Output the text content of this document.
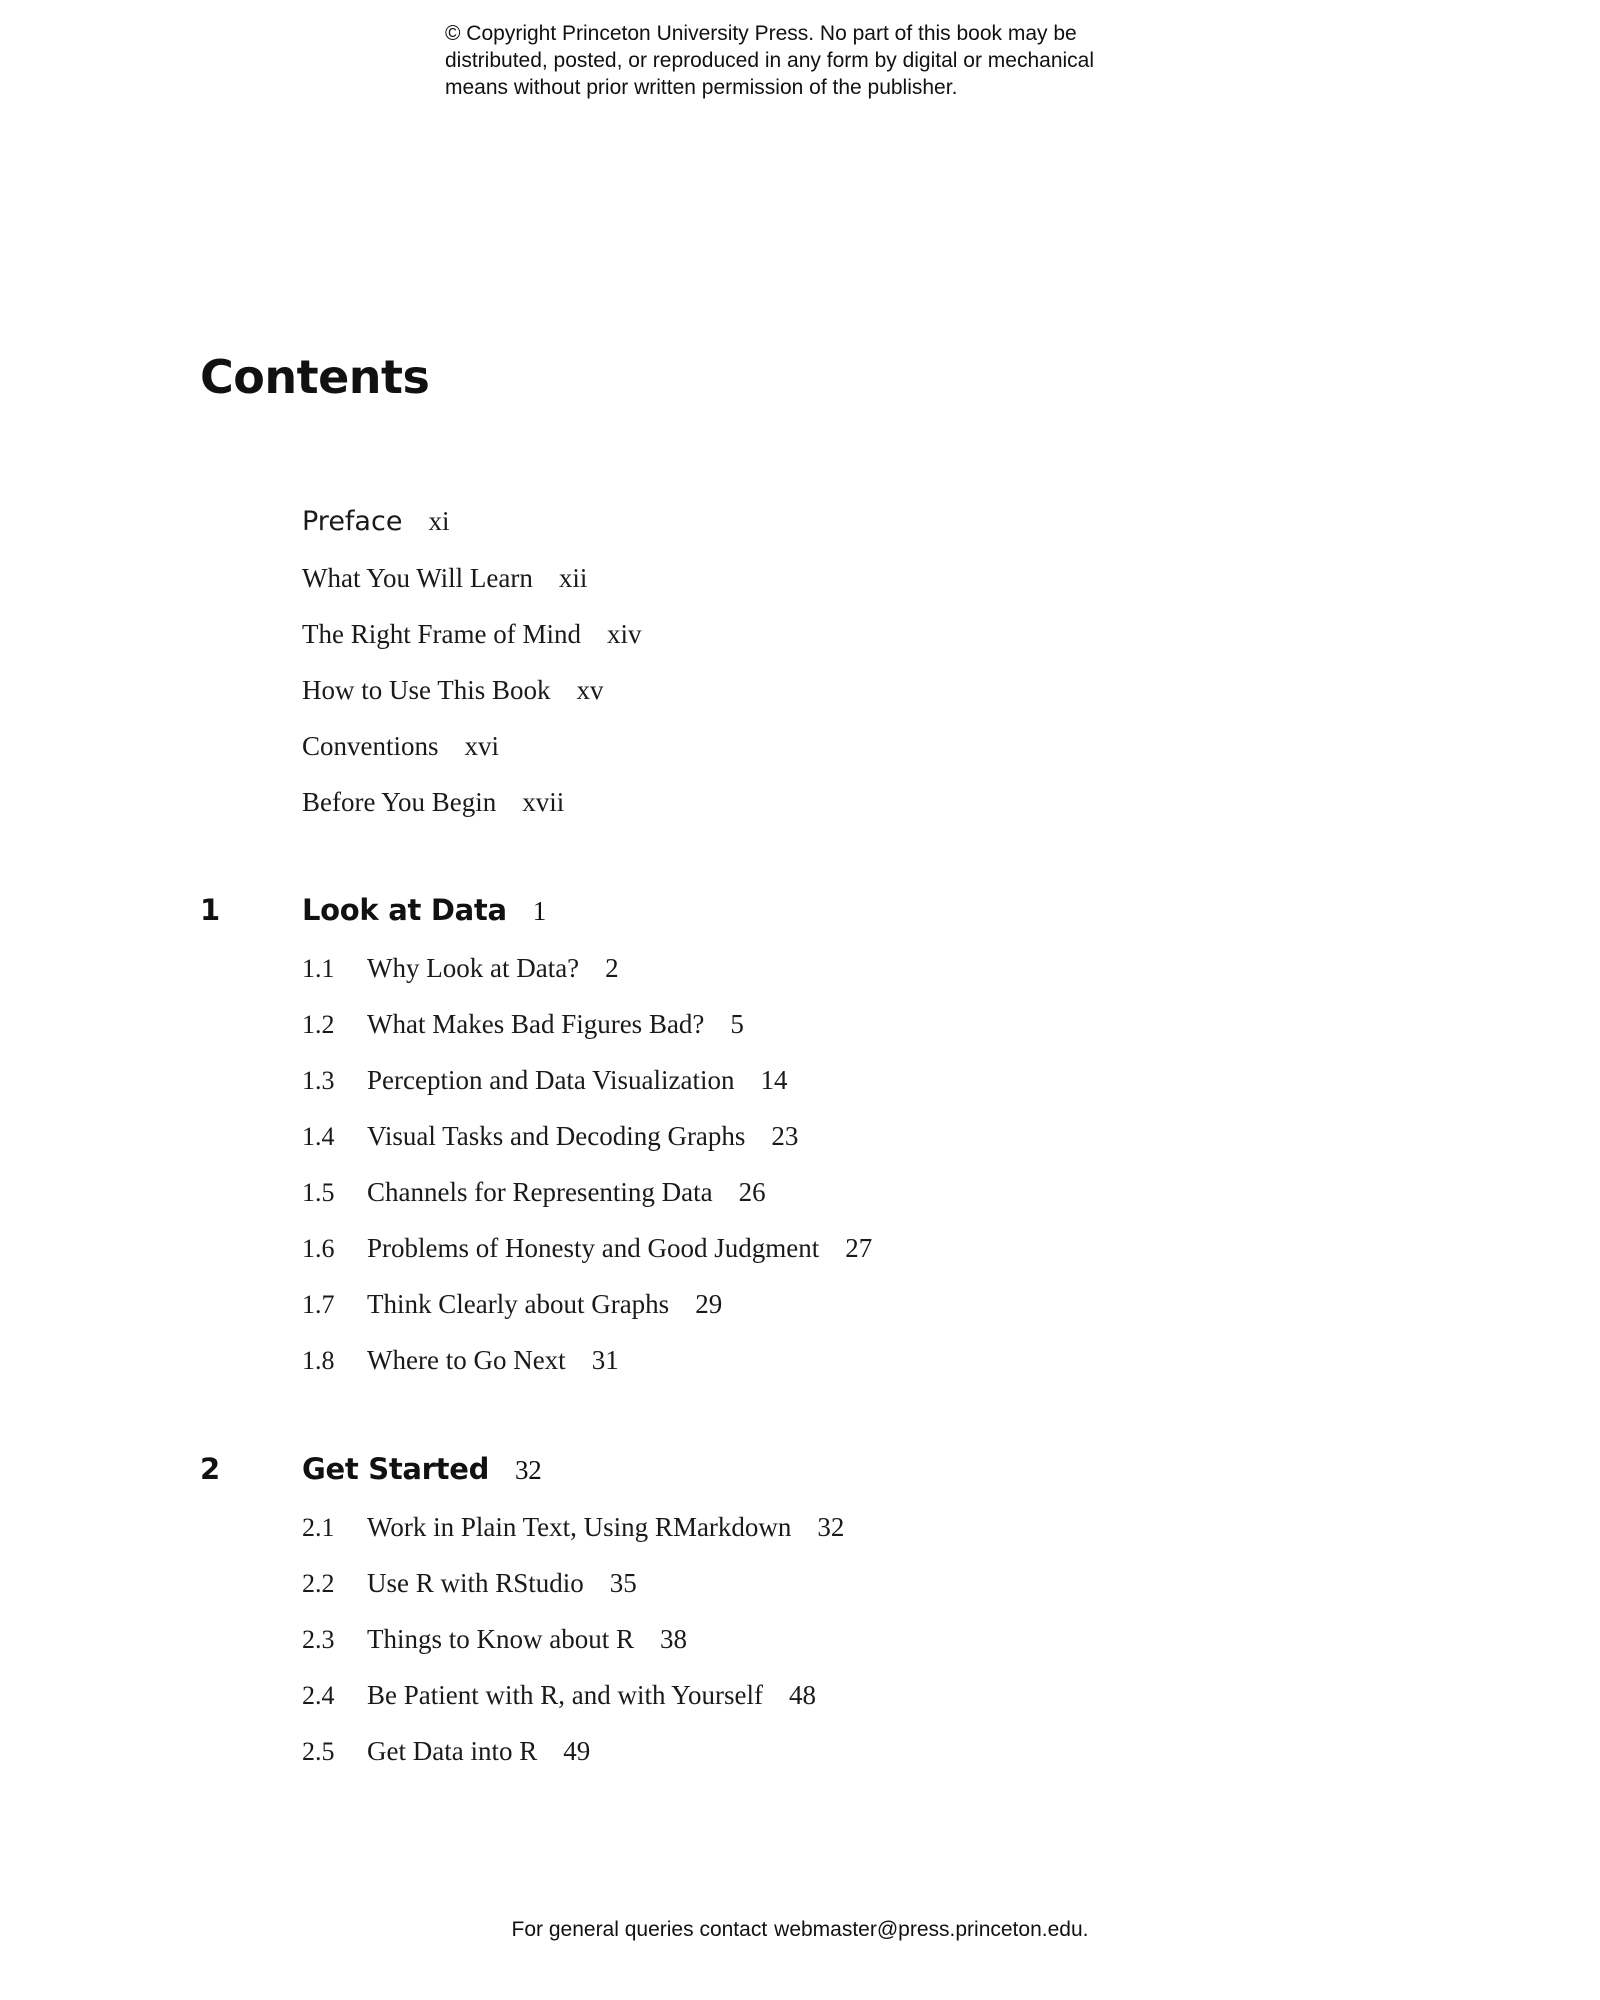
© Copyright Princeton University Press. No part of this book may be
distributed, posted, or reproduced in any form by digital or mechanical
means without prior written permission of the publisher.
Contents
Preface xi
What You Will Learn xii
The Right Frame of Mind xiv
How to Use This Book xv
Conventions xvi
Before You Begin xvii
1	Look at Data 1
1.1 Why Look at Data? 2
1.2 What Makes Bad Figures Bad? 5
1.3 Perception and Data Visualization 14
1.4 Visual Tasks and Decoding Graphs 23
1.5 Channels for Representing Data 26
1.6 Problems of Honesty and Good Judgment 27
1.7 Think Clearly about Graphs 29
1.8 Where to Go Next 31
2	Get Started 32
2.1 Work in Plain Text, Using RMarkdown 32
2.2 Use R with RStudio 35
2.3 Things to Know about R 38
2.4 Be Patient with R, and with Yourself 48
2.5 Get Data into R 49
For general queries contact webmaster@press.princeton.edu.
